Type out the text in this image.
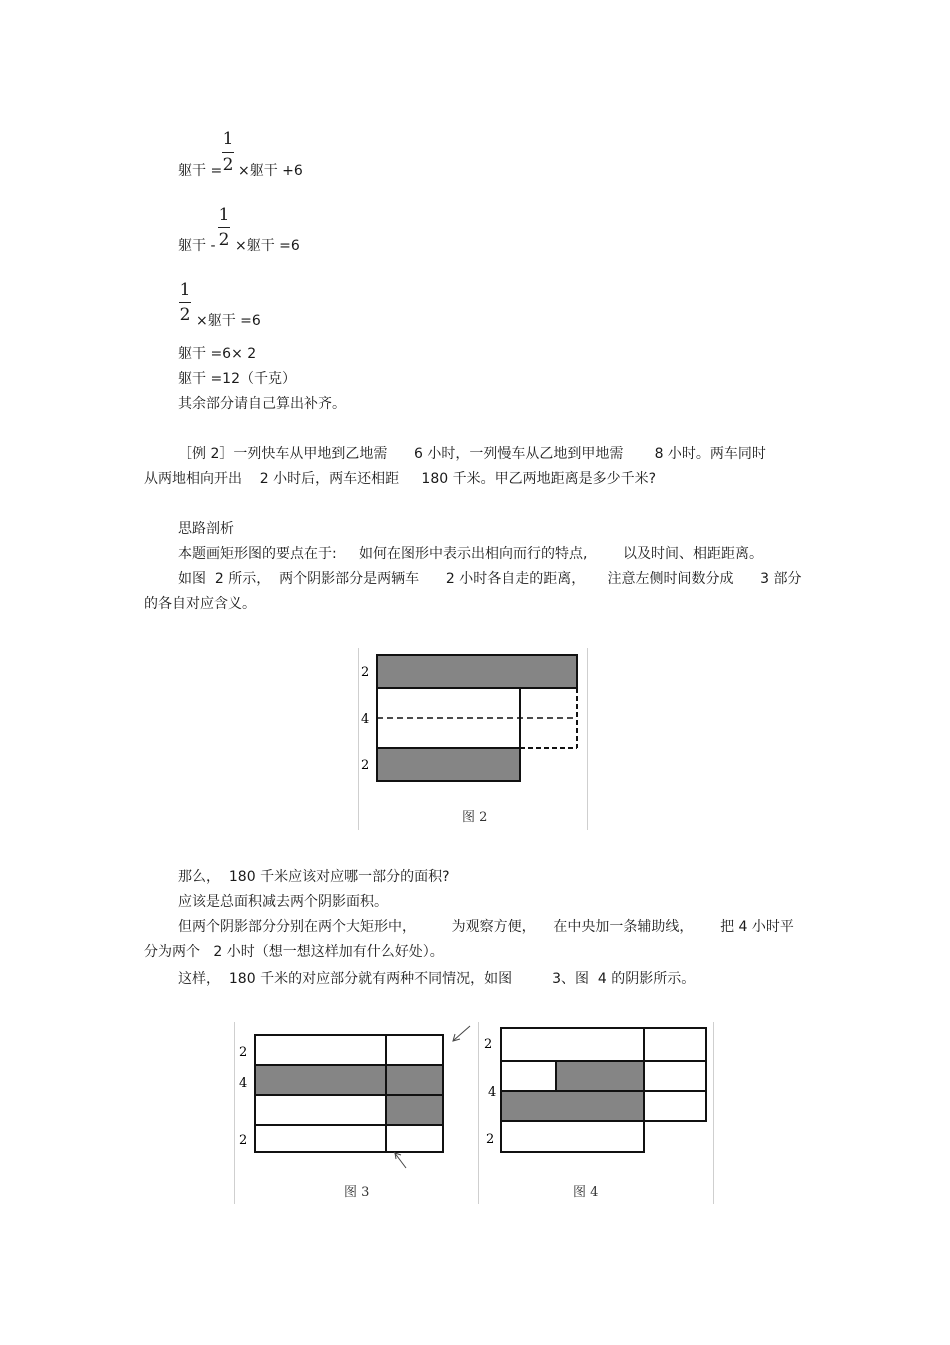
躯干 =
1
2 ×躯干 +6
躯干 -
1
2 ×躯干 =6
1
2 ×躯干 =6
躯干 =6× 2
躯干 =12（千克）
其余部分请自己算出补齐。
［例 2］一列快车从甲地到乙地需      6 小时，一列慢车从乙地到甲地需       8 小时。两车同时
从两地相向开出    2 小时后，两车还相距     180 千米。甲乙两地距离是多少千米?
思路剖析
本题画矩形图的要点在于:     如何在图形中表示出相向而行的特点,        以及时间、相距距离。
如图  2 所示，  两个阴影部分是两辆车      2 小时各自走的距离，     注意左侧时间数分成      3 部分
的各自对应含义。
2
4
2
图 2
那么，  180 千米应该对应哪一部分的面积?
应该是总面积减去两个阴影面积。
但两个阴影部分分别在两个大矩形中，        为观察方便，    在中央加一条辅助线，      把 4 小时平
分为两个   2 小时（想一想这样加有什么好处）。
这样，  180 千米的对应部分就有两种不同情况，如图         3、图  4 的阴影所示。
2
4
2
图 3
2
4
2
图 4
